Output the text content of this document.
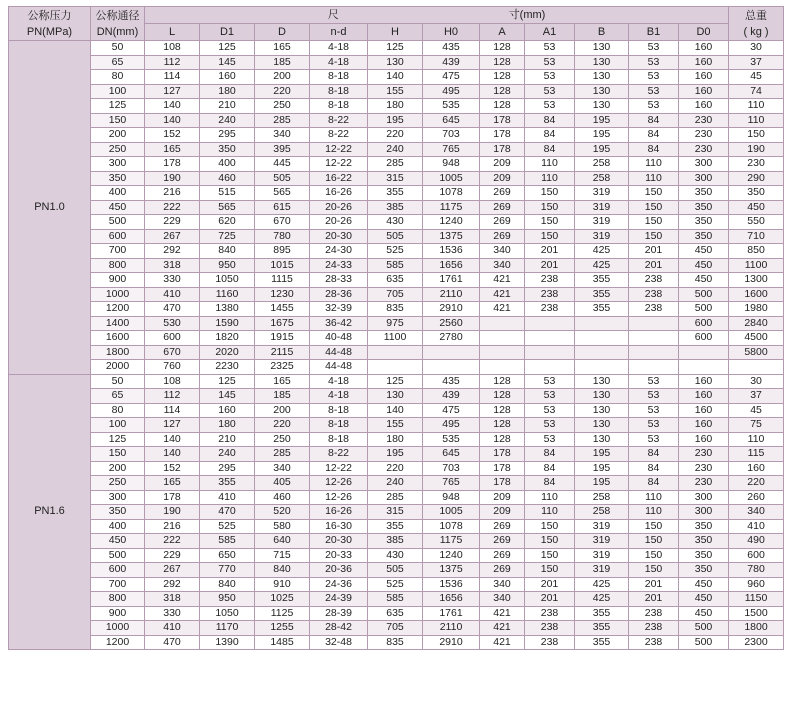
公称压力
PN(MPa)	公称通径
DN(mm)	尺 寸(mm)											总重
( kg )
		L	D1	D	n-d	H	H0	A	A1	B	B1	D0	
PN1.0	50	108	125	165	4-18	125	435	128	53	130	53	160	30
	65	112	145	185	4-18	130	439	128	53	130	53	160	37
	80	114	160	200	8-18	140	475	128	53	130	53	160	45
	100	127	180	220	8-18	155	495	128	53	130	53	160	74
	125	140	210	250	8-18	180	535	128	53	130	53	160	110
	150	140	240	285	8-22	195	645	178	84	195	84	230	110
	200	152	295	340	8-22	220	703	178	84	195	84	230	150
	250	165	350	395	12-22	240	765	178	84	195	84	230	190
	300	178	400	445	12-22	285	948	209	110	258	110	300	230
	350	190	460	505	16-22	315	1005	209	110	258	110	300	290
	400	216	515	565	16-26	355	1078	269	150	319	150	350	350
	450	222	565	615	20-26	385	1175	269	150	319	150	350	450
	500	229	620	670	20-26	430	1240	269	150	319	150	350	550
	600	267	725	780	20-30	505	1375	269	150	319	150	350	710
	700	292	840	895	24-30	525	1536	340	201	425	201	450	850
	800	318	950	1015	24-33	585	1656	340	201	425	201	450	1100
	900	330	1050	1115	28-33	635	1761	421	238	355	238	450	1300
	1000	410	1160	1230	28-36	705	2110	421	238	355	238	500	1600
	1200	470	1380	1455	32-39	835	2910	421	238	355	238	500	1980
	1400	530	1590	1675	36-42	975	2560					600	2840
	1600	600	1820	1915	40-48	1100	2780					600	4500
	1800	670	2020	2115	44-48								5800
	2000	760	2230	2325	44-48								
PN1.6	50	108	125	165	4-18	125	435	128	53	130	53	160	30
	65	112	145	185	4-18	130	439	128	53	130	53	160	37
	80	114	160	200	8-18	140	475	128	53	130	53	160	45
	100	127	180	220	8-18	155	495	128	53	130	53	160	75
	125	140	210	250	8-18	180	535	128	53	130	53	160	110
	150	140	240	285	8-22	195	645	178	84	195	84	230	115
	200	152	295	340	12-22	220	703	178	84	195	84	230	160
	250	165	355	405	12-26	240	765	178	84	195	84	230	220
	300	178	410	460	12-26	285	948	209	110	258	110	300	260
	350	190	470	520	16-26	315	1005	209	110	258	110	300	340
	400	216	525	580	16-30	355	1078	269	150	319	150	350	410
	450	222	585	640	20-30	385	1175	269	150	319	150	350	490
	500	229	650	715	20-33	430	1240	269	150	319	150	350	600
	600	267	770	840	20-36	505	1375	269	150	319	150	350	780
	700	292	840	910	24-36	525	1536	340	201	425	201	450	960
	800	318	950	1025	24-39	585	1656	340	201	425	201	450	1150
	900	330	1050	1125	28-39	635	1761	421	238	355	238	450	1500
	1000	410	1170	1255	28-42	705	2110	421	238	355	238	500	1800
	1200	470	1390	1485	32-48	835	2910	421	238	355	238	500	2300
